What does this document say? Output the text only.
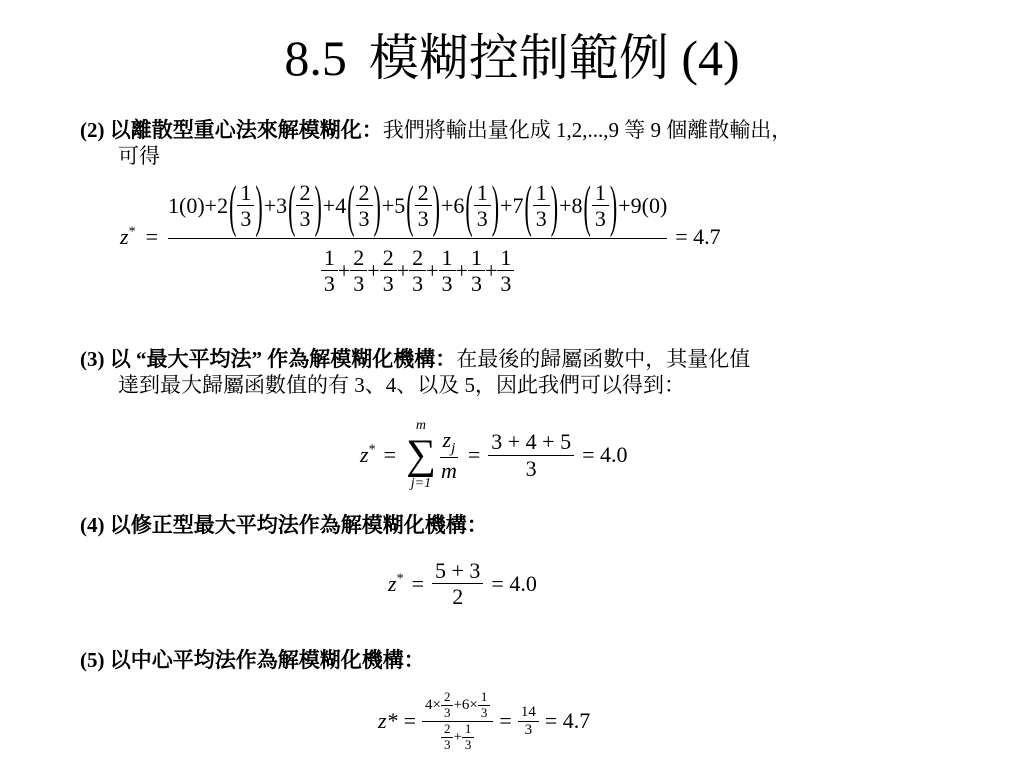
8.5 模糊控制範例 (4)
(2) 以離散型重心法來解模糊化：我們將輸出量化成 1,2,...,9 等 9 個離散輸出，
可得
z* =
1 ( 0 ) + 2 ( $\frac{1}{3}$ ) + 3 ( $\frac{2}{3}$ ) + 4 ( $\frac{2}{3}$ ) + 5 ( $\frac{2}{3}$ ) + 6 ( $\frac{1}{3}$ ) + 7 ( $\frac{1}{3}$ ) + 8 ( $\frac{1}{3}$ ) + 9 ( 0 )
$\frac{1}{3} + \frac{2}{3} + \frac{2}{3} + \frac{2}{3} + \frac{1}{3} + \frac{1}{3} + \frac{1}{3}$
= 4.7
(3) 以 “最大平均法” 作為解模糊化機構：在最後的歸屬函數中，其量化值
達到最大歸屬函數值的有 3、4、以及 5，因此我們可以得到：
z* =
m
∑
j=1
$\frac{z_j}{m} = \frac{3 + 4 + 5}{3} = 4.0$
(4) 以修正型最大平均法作為解模糊化機構：
$z^* = \frac{5 + 3}{2} = 4.0$
(5) 以中心平均法作為解模糊化機構：
$z* = \frac{4\times \frac{2}{3} + 6\times \frac{1}{3}}{\frac{2}{3} + \frac{1}{3}} = \frac{14}{3} = 4.7$
